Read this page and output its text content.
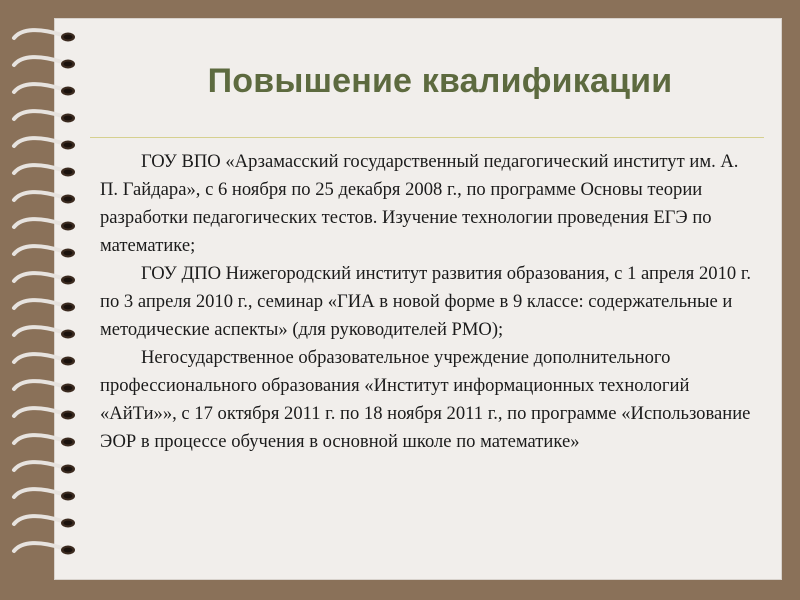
Повышение квалификации

ГОУ ВПО «Арзамасский государственный педагогический институт им. А. П. Гайдара», с 6 ноября по 25 декабря 2008 г., по программе Основы теории разработки педагогических тестов. Изучение технологии проведения ЕГЭ по математике;

ГОУ ДПО Нижегородский институт развития образования, с 1 апреля 2010 г. по 3 апреля 2010 г., семинар «ГИА в новой форме в 9 классе: содержательные и методические аспекты» (для руководителей РМО);

Негосударственное образовательное учреждение дополнительного профессионального образования «Институт информационных технологий «АйТи»», с 17 октября 2011 г. по 18 ноября 2011 г., по программе «Использование ЭОР в процессе обучения в основной школе по математике»
